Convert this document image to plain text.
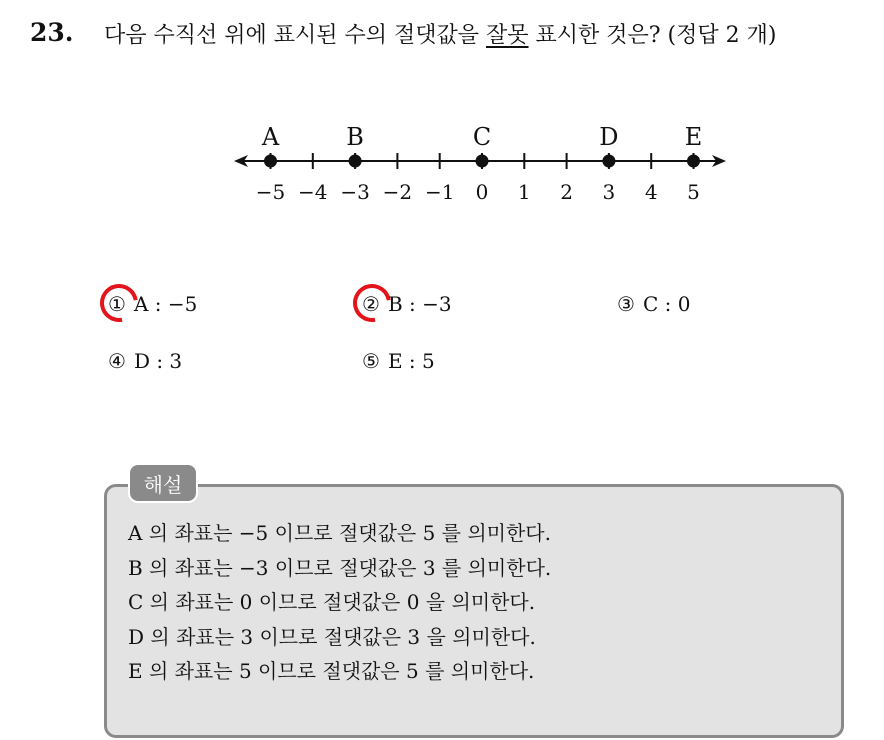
23. 다음 수직선 위에 표시된 수의 절댓값을 잘못 표시한 것은? (정답 2 개)
−5 −4 −3 −2 −1 0 1 2 3 4 5
A	B	C	D	E
① A : −5	② B : −3	③ C : 0
④ D : 3	⑤ E : 5
해설
A 의 좌표는 −5 이므로 절댓값은 5 를 의미한다.
B 의 좌표는 −3 이므로 절댓값은 3 를 의미한다.
C 의 좌표는 0 이므로 절댓값은 0 을 의미한다.
D 의 좌표는 3 이므로 절댓값은 3 을 의미한다.
E 의 좌표는 5 이므로 절댓값은 5 를 의미한다.
